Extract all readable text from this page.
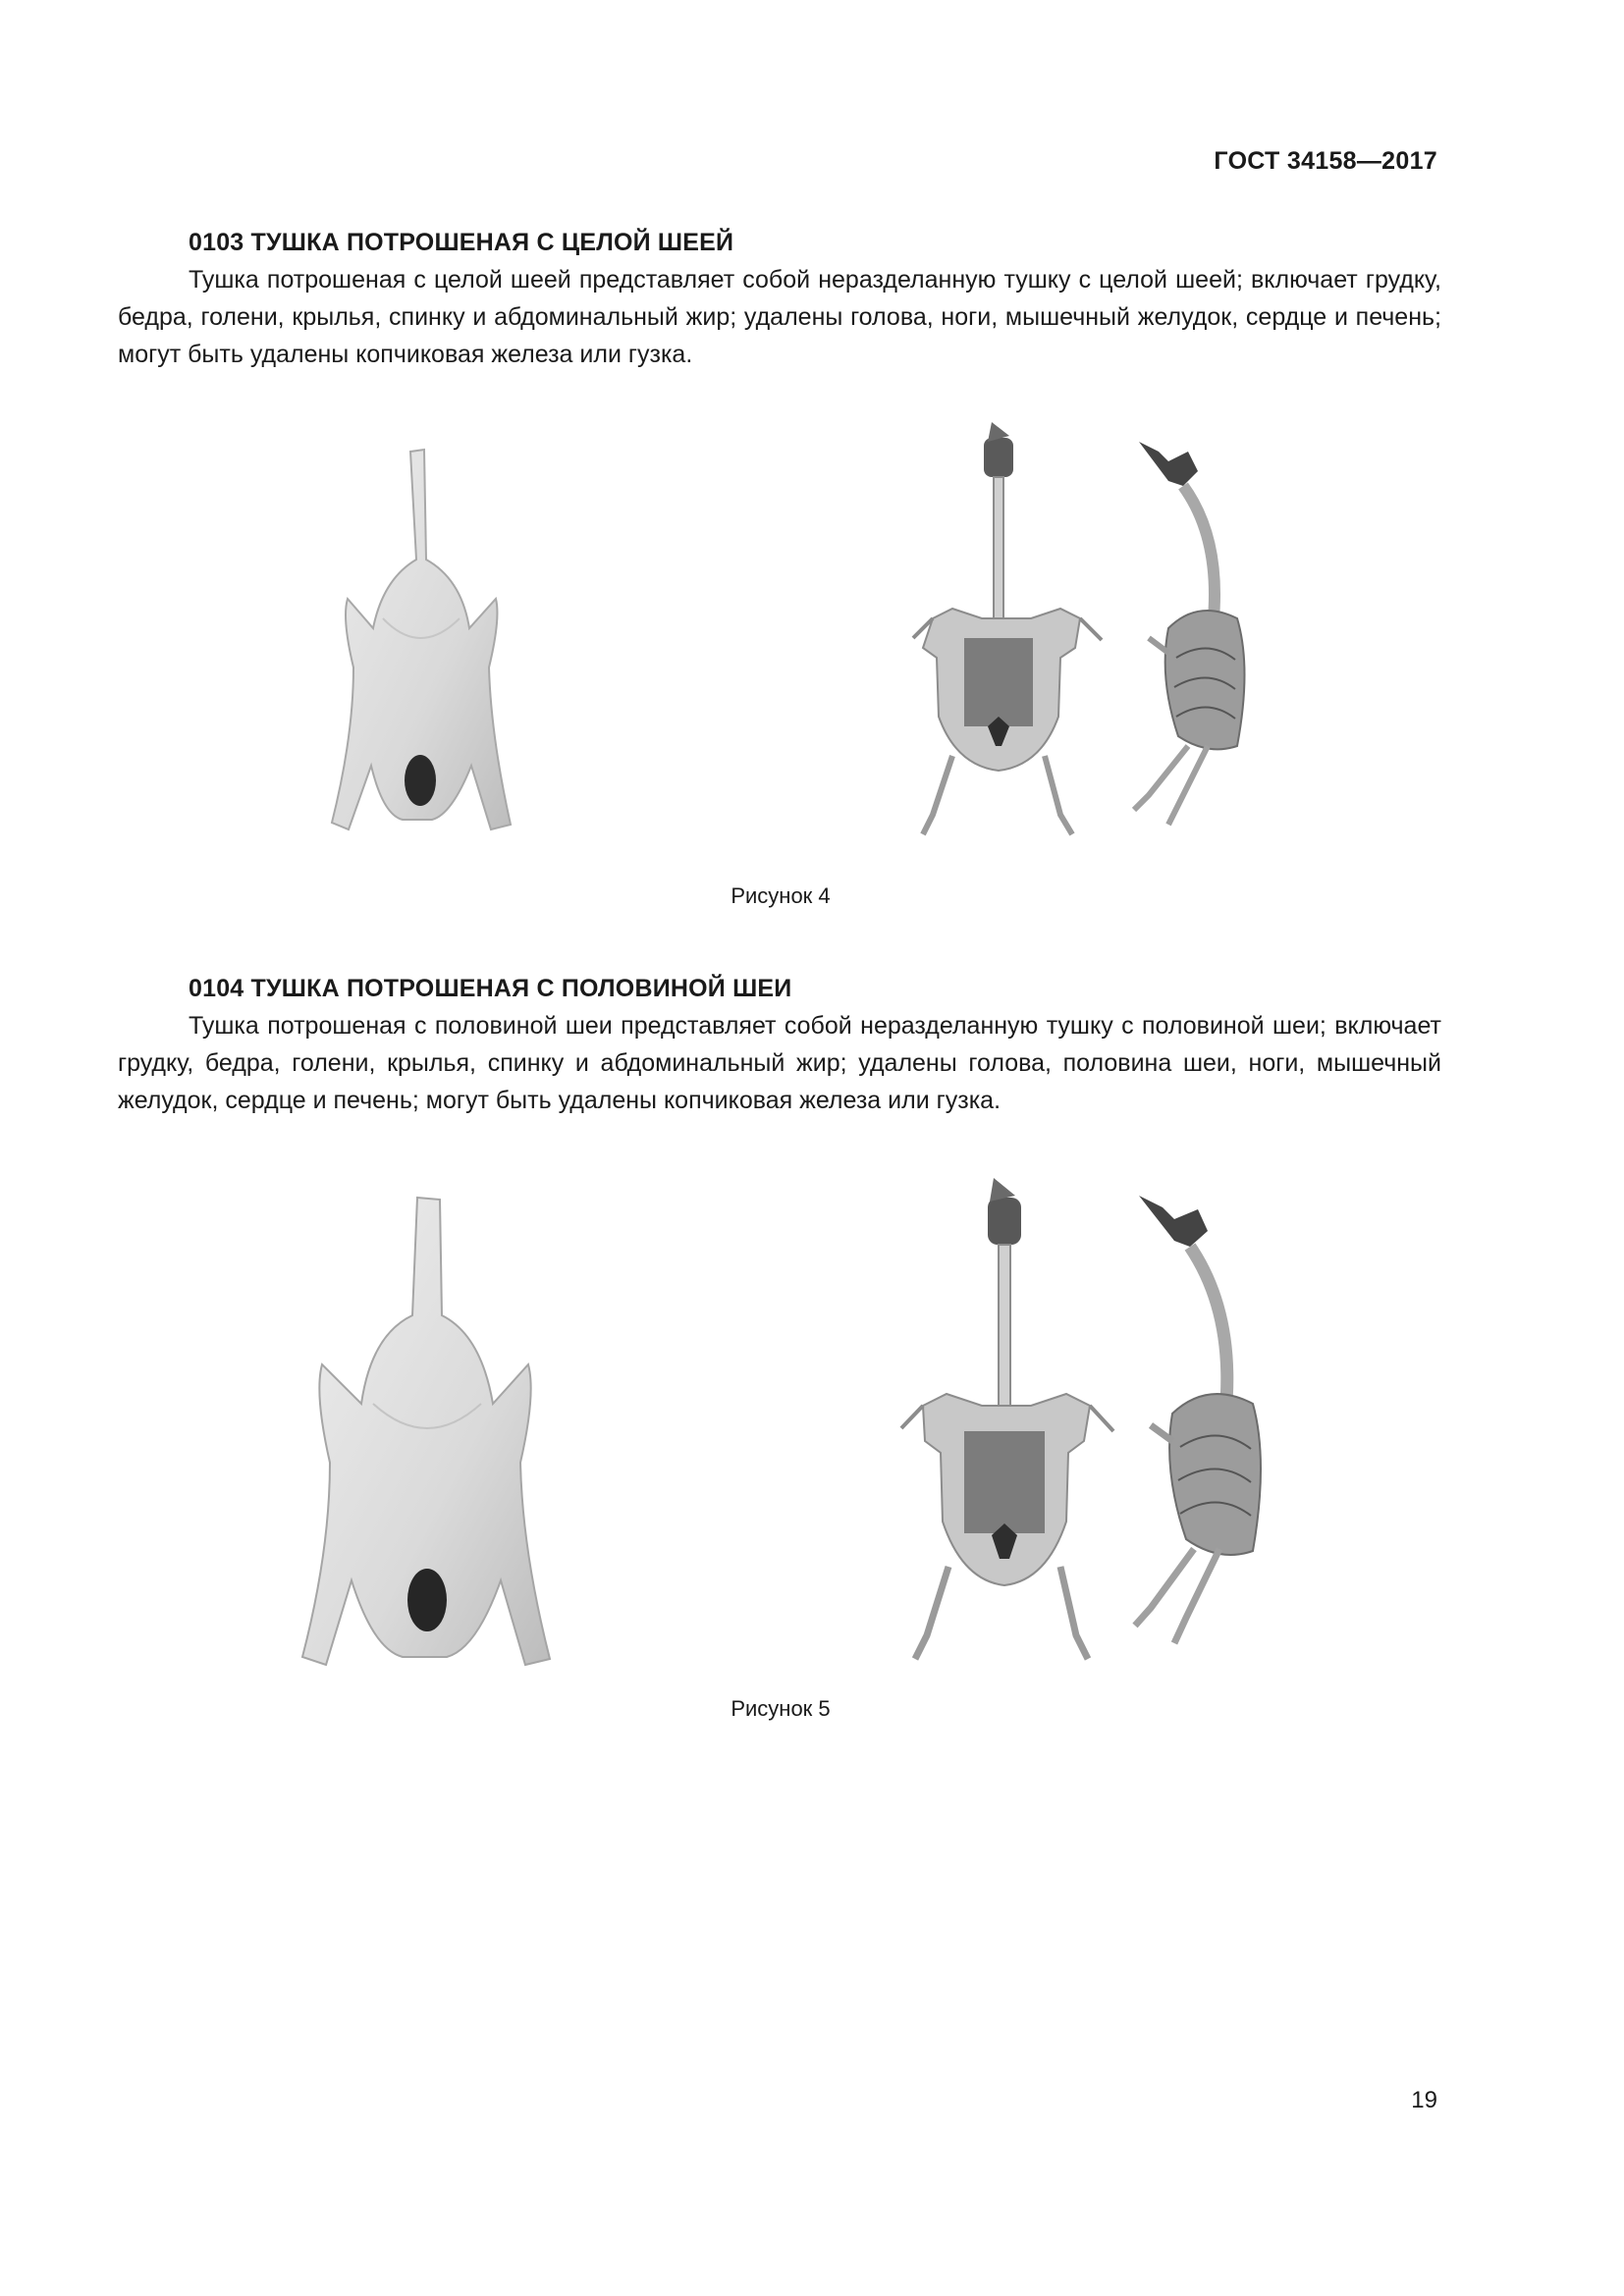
ГОСТ 34158—2017
0103 ТУШКА ПОТРОШЕНАЯ С ЦЕЛОЙ ШЕЕЙ

Тушка потрошеная с целой шеей представляет собой неразделанную тушку с целой шеей; включает грудку, бедра, голени, крылья, спинку и абдоминальный жир; удалены голова, ноги, мышечный желудок, сердце и печень; могут быть удалены копчиковая железа или гузка.

Рисунок 4
0104 ТУШКА ПОТРОШЕНАЯ С ПОЛОВИНОЙ ШЕИ

Тушка потрошеная с половиной шеи представляет собой неразделанную тушку с половиной шеи; включает грудку, бедра, голени, крылья, спинку и абдоминальный жир; удалены голова, половина шеи, ноги, мышечный желудок, сердце и печень; могут быть удалены копчиковая железа или гузка.

Рисунок 5
19
